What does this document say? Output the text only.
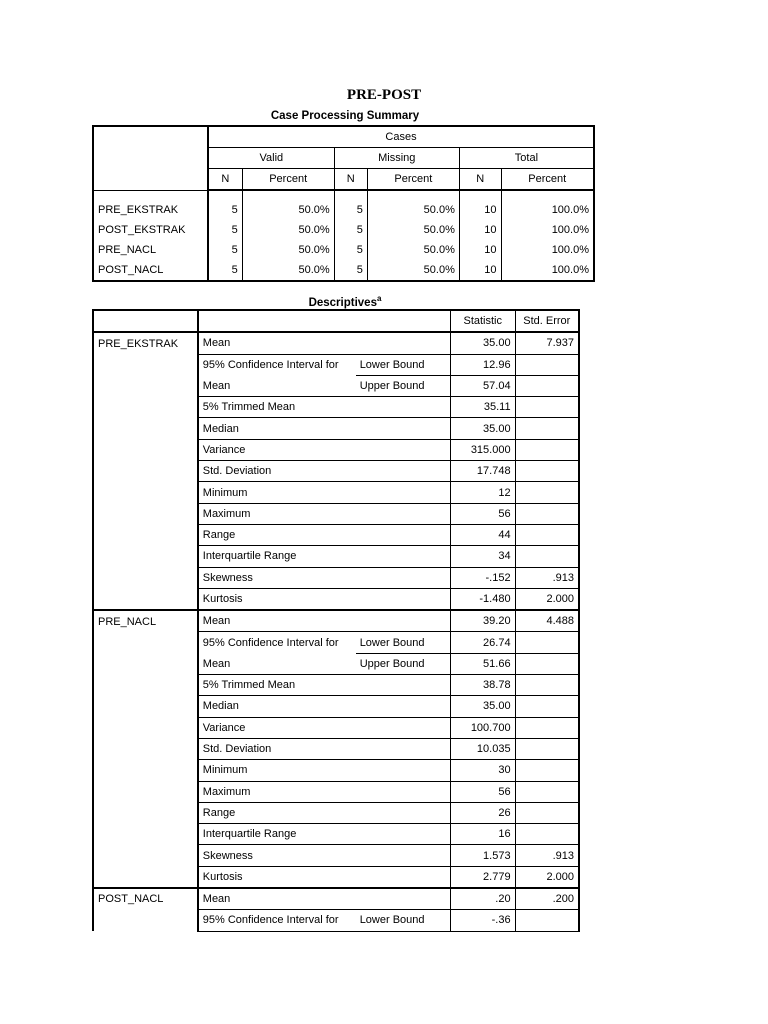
PRE-POST
Case Processing Summary
	Cases					
	Valid		Missing		Total	
	N	Percent	N	Percent	N	Percent

PRE_EKSTRAK	5	50.0%	5	50.0%	10	100.0%
POST_EKSTRAK	5	50.0%	5	50.0%	10	100.0%
PRE_NACL	5	50.0%	5	50.0%	10	100.0%
POST_NACL	5	50.0%	5	50.0%	10	100.0%
Descriptives$^a$
			Statistic	Std. Error
PRE_EKSTRAK	Mean		35.00	7.937
	95% Confidence Interval for	Lower Bound	12.96	
	Mean	Upper Bound	57.04	
	5% Trimmed Mean		35.11	
	Median		35.00	
	Variance		315.000	
	Std. Deviation		17.748	
	Minimum		12	
	Maximum		56	
	Range		44	
	Interquartile Range		34	
	Skewness		-.152	.913
	Kurtosis		-1.480	2.000
PRE_NACL	Mean		39.20	4.488
	95% Confidence Interval for	Lower Bound	26.74	
	Mean	Upper Bound	51.66	
	5% Trimmed Mean		38.78	
	Median		35.00	
	Variance		100.700	
	Std. Deviation		10.035	
	Minimum		30	
	Maximum		56	
	Range		26	
	Interquartile Range		16	
	Skewness		1.573	.913
	Kurtosis		2.779	2.000
POST_NACL	Mean		.20	.200
	95% Confidence Interval for	Lower Bound	-.36	
